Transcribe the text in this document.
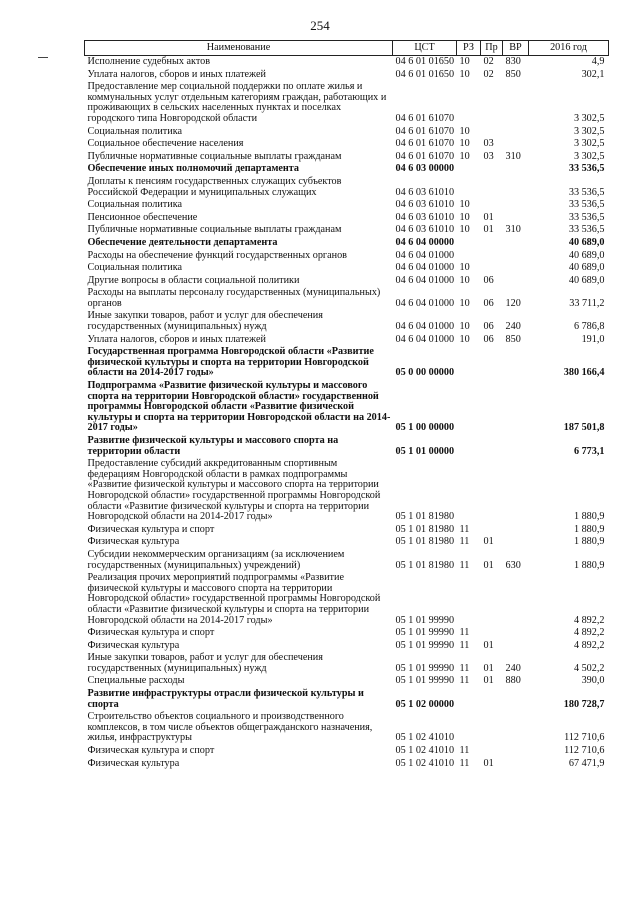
254
Наименование	ЦСТ	РЗ	Пр	ВР	2016 год
Исполнение судебных актов	04 6 01 01650	10	02	830	4,9
Уплата налогов, сборов и иных платежей	04 6 01 01650	10	02	850	302,1
Предоставление мер социальной поддержки по оплате жилья и коммунальных услуг отдельным категориям граждан, работающих и проживающих в сельских населенных пунктах и поселках городского типа Новгородской области	04 6 01 61070				3 302,5
Социальная политика	04 6 01 61070	10			3 302,5
Социальное обеспечение населения	04 6 01 61070	10	03		3 302,5
Публичные нормативные социальные выплаты гражданам	04 6 01 61070	10	03	310	3 302,5
Обеспечение иных полномочий департамента	04 6 03 00000				33 536,5
Доплаты к пенсиям государственных служащих субъектов Российской Федерации и муниципальных служащих	04 6 03 61010				33 536,5
Социальная политика	04 6 03 61010	10			33 536,5
Пенсионное обеспечение	04 6 03 61010	10	01		33 536,5
Публичные нормативные социальные выплаты гражданам	04 6 03 61010	10	01	310	33 536,5
Обеспечение деятельности департамента	04 6 04 00000				40 689,0
Расходы на обеспечение функций государственных органов	04 6 04 01000				40 689,0
Социальная политика	04 6 04 01000	10			40 689,0
Другие вопросы в области социальной политики	04 6 04 01000	10	06		40 689,0
Расходы на выплаты персоналу государственных (муниципальных) органов	04 6 04 01000	10	06	120	33 711,2
Иные закупки товаров, работ и услуг для обеспечения государственных (муниципальных) нужд	04 6 04 01000	10	06	240	6 786,8
Уплата налогов, сборов и иных платежей	04 6 04 01000	10	06	850	191,0
Государственная программа Новгородской области «Развитие физической культуры и спорта на территории Новгородской области на 2014-2017 годы»	05 0 00 00000				380 166,4
Подпрограмма «Развитие физической культуры и массового спорта на территории Новгородской области» государственной программы Новгородской области «Развитие физической культуры и спорта на территории Новгородской области на 2014-2017 годы»	05 1 00 00000				187 501,8
Развитие физической культуры и массового спорта на территории области	05 1 01 00000				6 773,1
Предоставление субсидий аккредитованным спортивным федерациям Новгородской области в рамках подпрограммы «Развитие физической культуры и массового спорта на территории Новгородской области» государственной программы Новгородской области «Развитие физической культуры и спорта на территории Новгородской области на 2014-2017 годы»	05 1 01 81980				1 880,9
Физическая культура и спорт	05 1 01 81980	11			1 880,9
Физическая культура	05 1 01 81980	11	01		1 880,9
Субсидии некоммерческим организациям (за исключением государственных (муниципальных) учреждений)	05 1 01 81980	11	01	630	1 880,9
Реализация прочих мероприятий подпрограммы «Развитие физической культуры и массового спорта на территории Новгородской области» государственной программы Новгородской области «Развитие физической культуры и спорта на территории Новгородской области на 2014-2017 годы»	05 1 01 99990				4 892,2
Физическая культура и спорт	05 1 01 99990	11			4 892,2
Физическая культура	05 1 01 99990	11	01		4 892,2
Иные закупки товаров, работ и услуг для обеспечения государственных (муниципальных) нужд	05 1 01 99990	11	01	240	4 502,2
Специальные расходы	05 1 01 99990	11	01	880	390,0
Развитие инфраструктуры отрасли физической культуры и спорта	05 1 02 00000				180 728,7
Строительство объектов социального и производственного комплексов, в том числе объектов общегражданского назначения, жилья, инфраструктуры	05 1 02 41010				112 710,6
Физическая культура и спорт	05 1 02 41010	11			112 710,6
Физическая культура	05 1 02 41010	11	01		67 471,9
